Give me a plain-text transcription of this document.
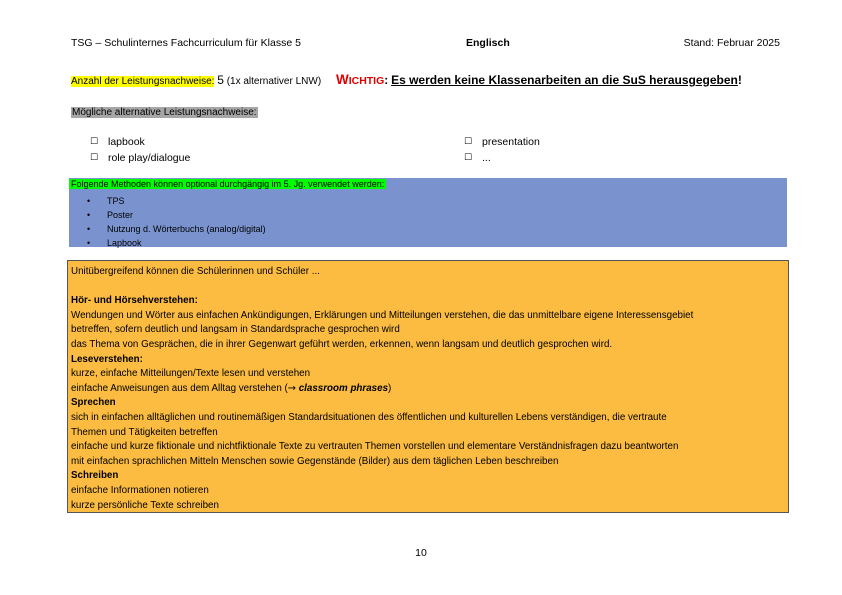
TSG – Schulinternes Fachcurriculum für Klasse 5	Englisch	Stand: Februar 2025
Anzahl der Leistungsnachweise: 5 (1x alternativer LNW) WICHTIG: Es werden keine Klassenarbeiten an die SuS herausgegeben!
Mögliche alternative Leistungsnachweise:
☐ lapbook
☐ role play/dialogue
☐ presentation
☐ ...
Folgende Methoden können optional durchgängig im 5. Jg. verwendet werden:
•	TPS
•	Poster
•	Nutzung d. Wörterbuchs (analog/digital)
•	Lapbook
Unitübergreifend können die Schülerinnen und Schüler ...
Hör- und Hörsehverstehen:
Wendungen und Wörter aus einfachen Ankündigungen, Erklärungen und Mitteilungen verstehen, die das unmittelbare eigene Interessensgebiet
betreffen, sofern deutlich und langsam in Standardsprache gesprochen wird
das Thema von Gesprächen, die in ihrer Gegenwart geführt werden, erkennen, wenn langsam und deutlich gesprochen wird.
Leseverstehen:
kurze, einfache Mitteilungen/Texte lesen und verstehen
einfache Anweisungen aus dem Alltag verstehen (→ classroom phrases)
Sprechen
sich in einfachen alltäglichen und routinemäßigen Standardsituationen des öffentlichen und kulturellen Lebens verständigen, die vertraute
Themen und Tätigkeiten betreffen
einfache und kurze fiktionale und nichtfiktionale Texte zu vertrauten Themen vorstellen und elementare Verständnisfragen dazu beantworten
mit einfachen sprachlichen Mitteln Menschen sowie Gegenstände (Bilder) aus dem täglichen Leben beschreiben
Schreiben
einfache Informationen notieren
kurze persönliche Texte schreiben
10
